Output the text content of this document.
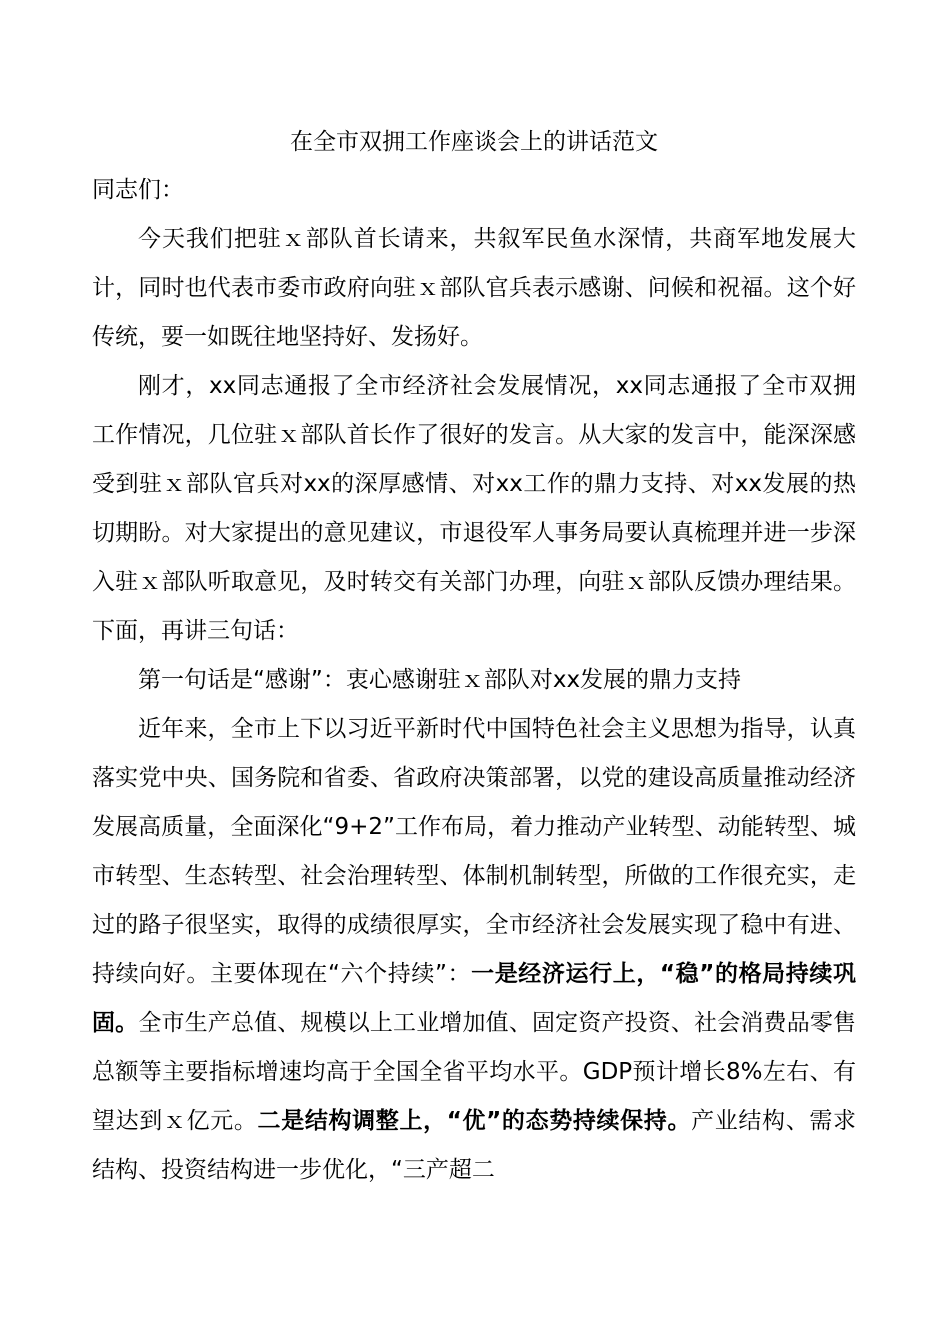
在全市双拥工作座谈会上的讲话范文

同志们：

今天我们把驻ｘ部队首长请来，共叙军民鱼水深情，共商军地发展大计，同时也代表市委市政府向驻ｘ部队官兵表示感谢、问候和祝福。这个好传统，要一如既往地坚持好、发扬好。

刚才，xx同志通报了全市经济社会发展情况，xx同志通报了全市双拥工作情况，几位驻ｘ部队首长作了很好的发言。从大家的发言中，能深深感受到驻ｘ部队官兵对xx的深厚感情、对xx工作的鼎力支持、对xx发展的热切期盼。对大家提出的意见建议，市退役军人事务局要认真梳理并进一步深入驻ｘ部队听取意见，及时转交有关部门办理，向驻ｘ部队反馈办理结果。下面，再讲三句话：

第一句话是“感谢”：衷心感谢驻ｘ部队对xx发展的鼎力支持

近年来，全市上下以习近平新时代中国特色社会主义思想为指导，认真落实党中央、国务院和省委、省政府决策部署，以党的建设高质量推动经济发展高质量，全面深化“9+2”工作布局，着力推动产业转型、动能转型、城市转型、生态转型、社会治理转型、体制机制转型，所做的工作很充实，走过的路子很坚实，取得的成绩很厚实，全市经济社会发展实现了稳中有进、持续向好。主要体现在“六个持续”：一是经济运行上，“稳”的格局持续巩固。全市生产总值、规模以上工业增加值、固定资产投资、社会消费品零售总额等主要指标增速均高于全国全省平均水平。GDP预计增长8%左右、有望达到ｘ亿元。二是结构调整上，“优”的态势持续保持。产业结构、需求结构、投资结构进一步优化，“三产超二
